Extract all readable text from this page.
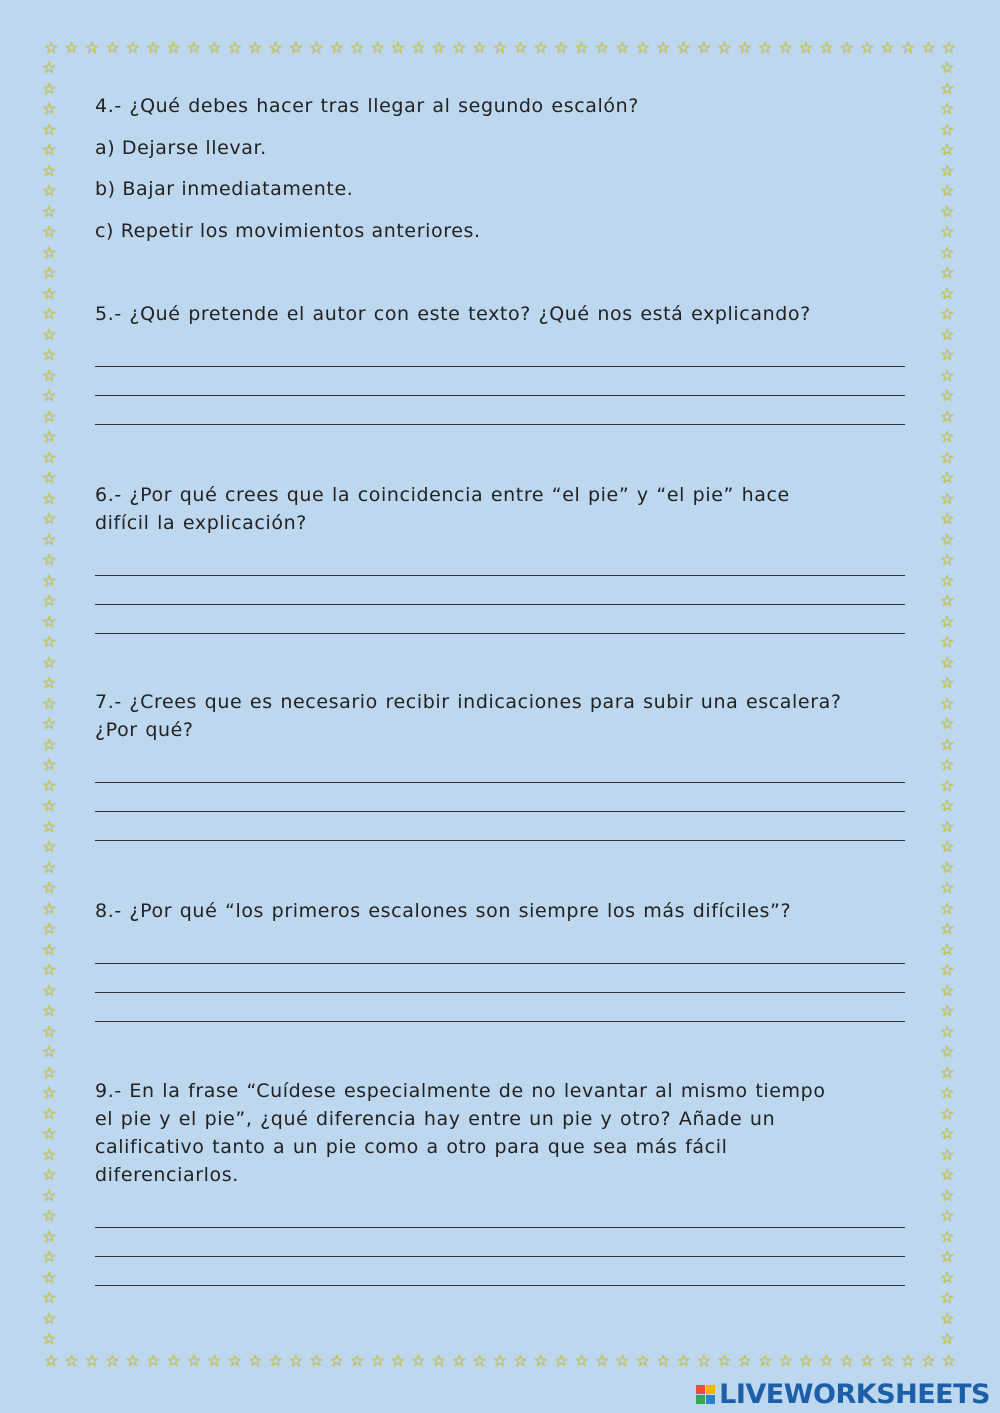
☆ ☆ ☆ ☆ ☆ ☆ ☆ ☆ ☆ ☆ ☆ ☆ ☆ ☆ ☆ ☆ ☆ ☆ ☆ ☆ ☆ ☆ ☆ ☆ ☆ ☆ ☆ ☆ ☆ ☆ ☆ ☆ ☆ ☆ ☆ ☆ ☆ ☆ ☆ ☆ ☆ ☆ ☆ ☆ ☆
☆ ☆ ☆ ☆ ☆ ☆ ☆ ☆ ☆ ☆ ☆ ☆ ☆ ☆ ☆ ☆ ☆ ☆ ☆ ☆ ☆ ☆ ☆ ☆ ☆ ☆ ☆ ☆ ☆ ☆ ☆ ☆ ☆ ☆ ☆ ☆ ☆ ☆ ☆ ☆ ☆ ☆ ☆ ☆ ☆
☆
☆
☆
☆
☆
☆
☆
☆
☆
☆
☆
☆
☆
☆
☆
☆
☆
☆
☆
☆
☆
☆
☆
☆
☆
☆
☆
☆
☆
☆
☆
☆
☆
☆
☆
☆
☆
☆
☆
☆
☆
☆
☆
☆
☆
☆
☆
☆
☆
☆
☆
☆
☆
☆
☆
☆
☆
☆
☆
☆
☆
☆
☆
☆
☆
☆
☆
☆
☆
☆
☆
☆
☆
☆
☆
☆
☆
☆
☆
☆
☆
☆
☆
☆
☆
☆
☆
☆
☆
☆
☆
☆
☆
☆
☆
☆
☆
☆
☆
☆
☆
☆
☆
☆
☆
☆
☆
☆
☆
☆
☆
☆
☆
☆
☆
☆
☆
☆
☆
☆
☆
☆
☆
☆
☆
☆

4.- ¿Qué debes hacer tras llegar al segundo escalón?

a) Dejarse llevar.

b) Bajar inmediatamente.

c) Repetir los movimientos anteriores.

5.- ¿Qué pretende el autor con este texto? ¿Qué nos está explicando?

6.- ¿Por qué crees que la coincidencia entre “el pie” y “el pie” hace

difícil la explicación?

7.- ¿Crees que es necesario recibir indicaciones para subir una escalera?

¿Por qué?

8.- ¿Por qué “los primeros escalones son siempre los más difíciles”?

9.- En la frase “Cuídese especialmente de no levantar al mismo tiempo

el pie y el pie”, ¿qué diferencia hay entre un pie y otro? Añade un

calificativo tanto a un pie como a otro para que sea más fácil

diferenciarlos.

LIVEWORKSHEETS
